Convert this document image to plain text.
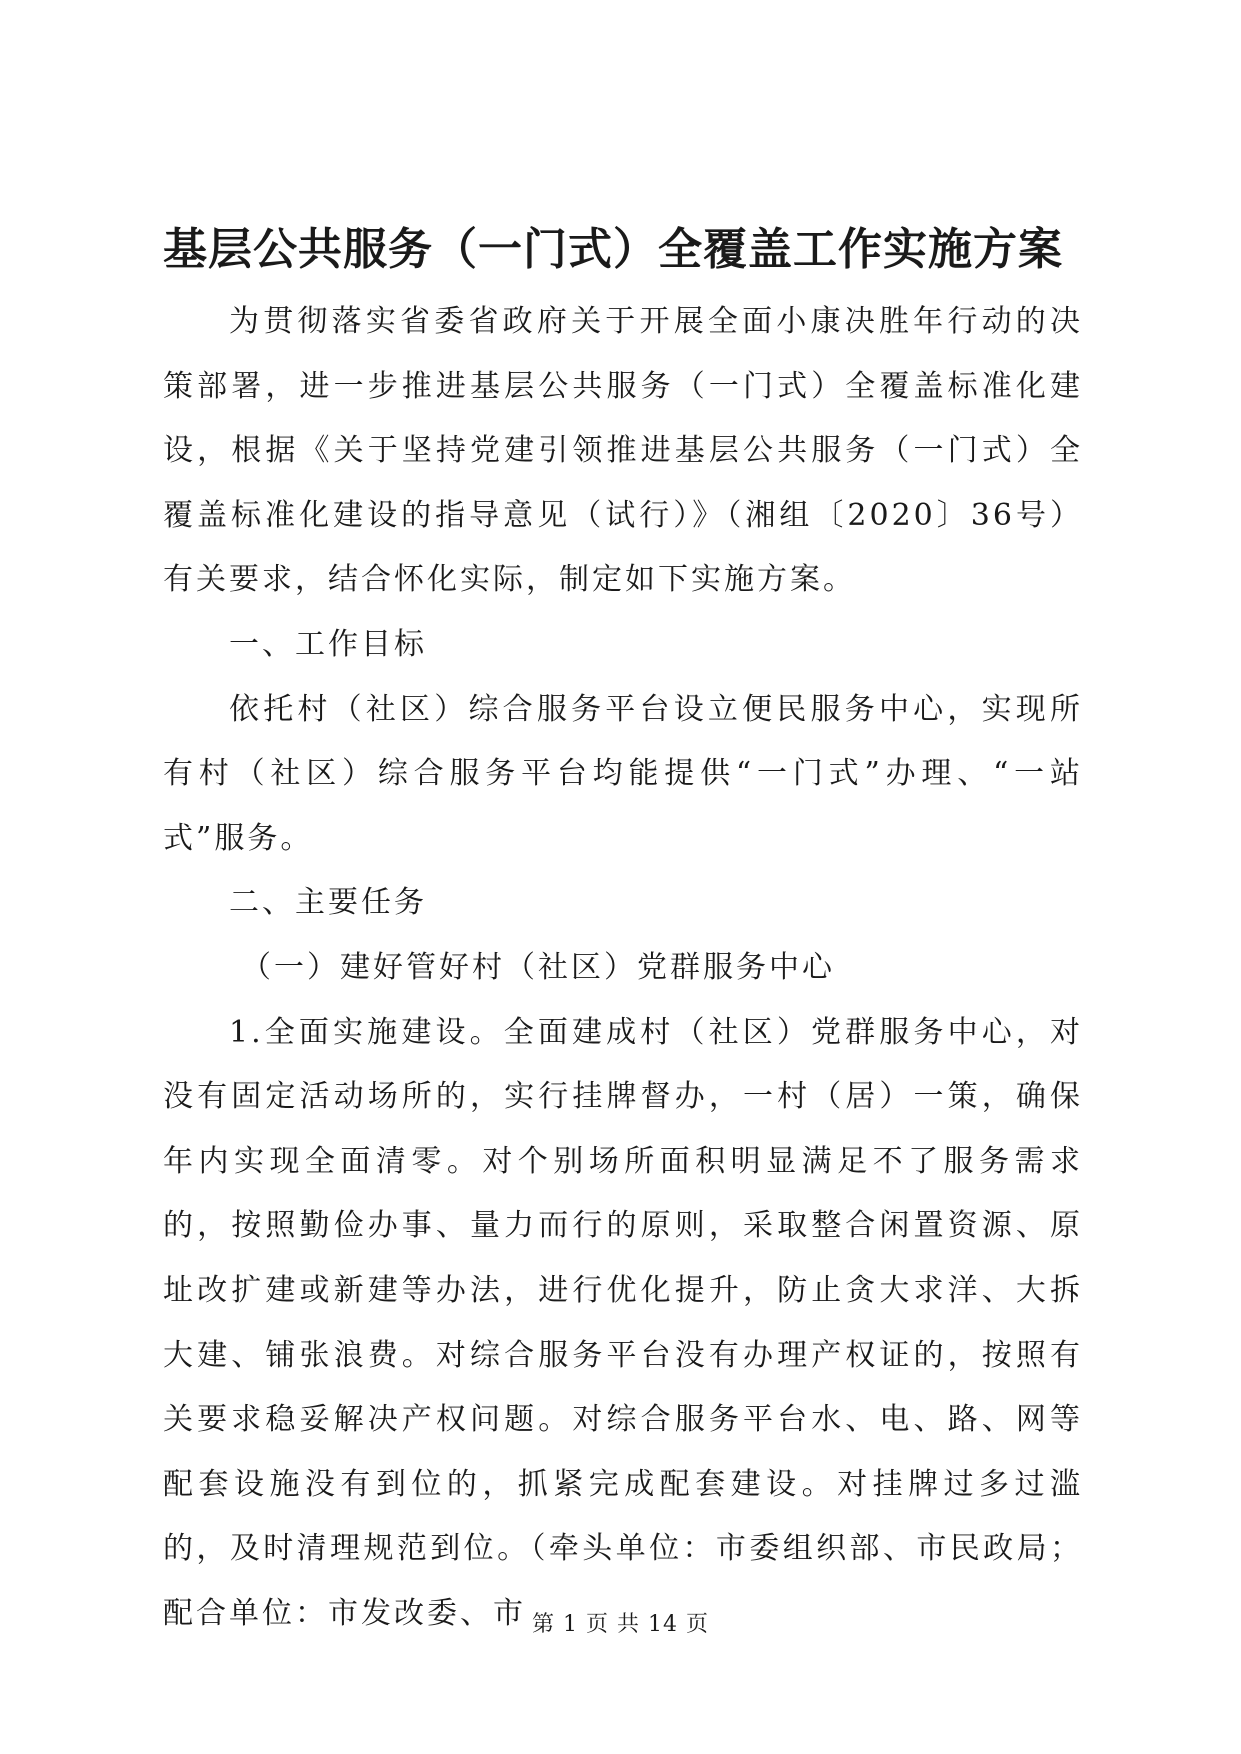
基层公共服务（一门式）全覆盖工作实施方案

为贯彻落实省委省政府关于开展全面小康决胜年行动的决策部署，进一步推进基层公共服务（一门式）全覆盖标准化建设，根据《关于坚持党建引领推进基层公共服务（一门式）全覆盖标准化建设的指导意见（试行）》（湘组〔2020〕36号）有关要求，结合怀化实际，制定如下实施方案。

一、工作目标

依托村（社区）综合服务平台设立便民服务中心，实现所有村（社区）综合服务平台均能提供“一门式”办理、“一站式”服务。

二、主要任务

（一）建好管好村（社区）党群服务中心

1.全面实施建设。全面建成村（社区）党群服务中心，对没有固定活动场所的，实行挂牌督办，一村（居）一策，确保年内实现全面清零。对个别场所面积明显满足不了服务需求的，按照勤俭办事、量力而行的原则，采取整合闲置资源、原址改扩建或新建等办法，进行优化提升，防止贪大求洋、大拆大建、铺张浪费。对综合服务平台没有办理产权证的，按照有关要求稳妥解决产权问题。对综合服务平台水、电、路、网等配套设施没有到位的，抓紧完成配套建设。对挂牌过多过滥的，及时清理规范到位。（牵头单位：市委组织部、市民政局；配合单位：市发改委、市 第 1 页 共 14 页
